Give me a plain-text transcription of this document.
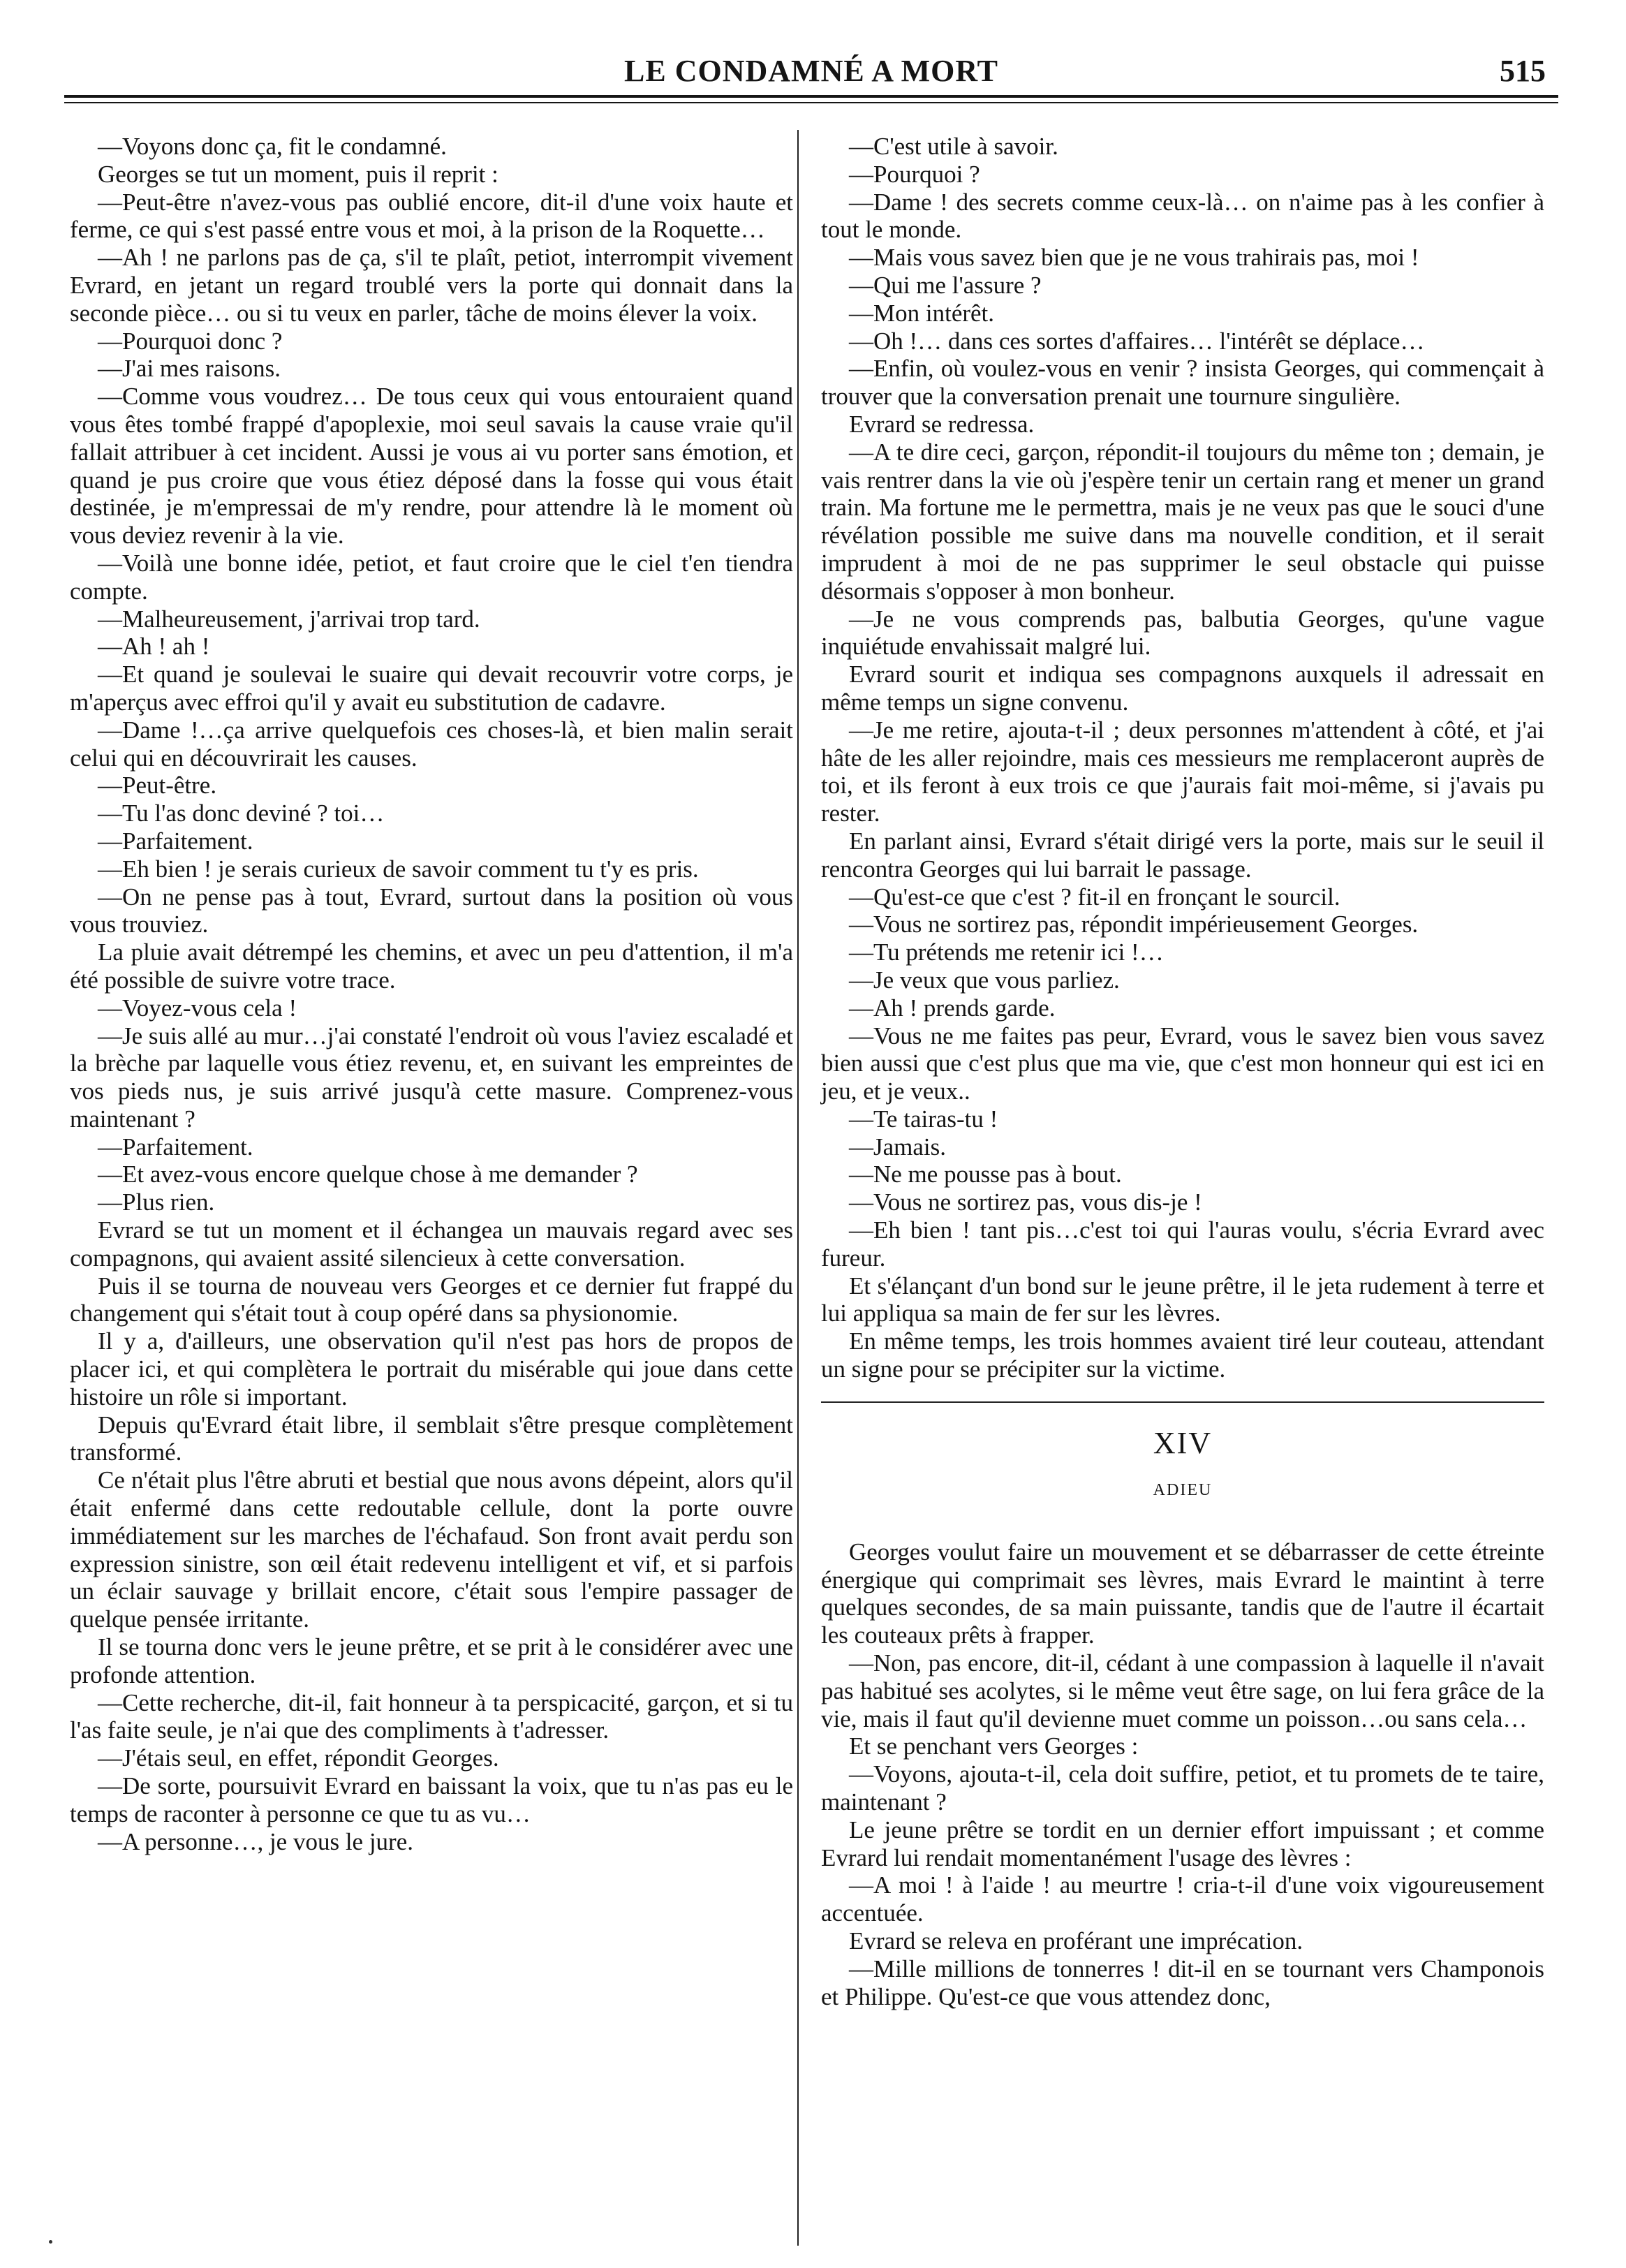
LE CONDAMNÉ A MORT	515

—Voyons donc ça, fit le condamné.

Georges se tut un moment, puis il reprit :

—Peut-être n'avez-vous pas oublié encore, dit-il d'une voix haute et ferme, ce qui s'est passé entre vous et moi, à la prison de la Roquette…

—Ah ! ne parlons pas de ça, s'il te plaît, petiot, interrompit vivement Evrard, en jetant un regard troublé vers la porte qui donnait dans la seconde pièce… ou si tu veux en parler, tâche de moins élever la voix.

—Pourquoi donc ?

—J'ai mes raisons.

—Comme vous voudrez… De tous ceux qui vous entouraient quand vous êtes tombé frappé d'apoplexie, moi seul savais la cause vraie qu'il fallait attribuer à cet incident. Aussi je vous ai vu porter sans émotion, et quand je pus croire que vous étiez déposé dans la fosse qui vous était destinée, je m'empressai de m'y rendre, pour attendre là le moment où vous deviez revenir à la vie.

—Voilà une bonne idée, petiot, et faut croire que le ciel t'en tiendra compte.

—Malheureusement, j'arrivai trop tard.

—Ah ! ah !

—Et quand je soulevai le suaire qui devait recouvrir votre corps, je m'aperçus avec effroi qu'il y avait eu substitution de cadavre.

—Dame !…ça arrive quelquefois ces choses-là, et bien malin serait celui qui en découvrirait les causes.

—Peut-être.

—Tu l'as donc deviné ? toi…

—Parfaitement.

—Eh bien ! je serais curieux de savoir comment tu t'y es pris.

—On ne pense pas à tout, Evrard, surtout dans la position où vous vous trouviez.

La pluie avait détrempé les chemins, et avec un peu d'attention, il m'a été possible de suivre votre trace.

—Voyez-vous cela !

—Je suis allé au mur…j'ai constaté l'endroit où vous l'aviez escaladé et la brèche par laquelle vous étiez revenu, et, en suivant les empreintes de vos pieds nus, je suis arrivé jusqu'à cette masure. Comprenez-vous maintenant ?

—Parfaitement.

—Et avez-vous encore quelque chose à me demander ?

—Plus rien.

Evrard se tut un moment et il échangea un mauvais regard avec ses compagnons, qui avaient assité silencieux à cette conversation.

Puis il se tourna de nouveau vers Georges et ce dernier fut frappé du changement qui s'était tout à coup opéré dans sa physionomie.

Il y a, d'ailleurs, une observation qu'il n'est pas hors de propos de placer ici, et qui complètera le portrait du misérable qui joue dans cette histoire un rôle si important.

Depuis qu'Evrard était libre, il semblait s'être presque complètement transformé.

Ce n'était plus l'être abruti et bestial que nous avons dépeint, alors qu'il était enfermé dans cette redoutable cellule, dont la porte ouvre immédiatement sur les marches de l'échafaud. Son front avait perdu son expression sinistre, son œil était redevenu intelligent et vif, et si parfois un éclair sauvage y brillait encore, c'était sous l'empire passager de quelque pensée irritante.

Il se tourna donc vers le jeune prêtre, et se prit à le considérer avec une profonde attention.

—Cette recherche, dit-il, fait honneur à ta perspicacité, garçon, et si tu l'as faite seule, je n'ai que des compliments à t'adresser.

—J'étais seul, en effet, répondit Georges.

—De sorte, poursuivit Evrard en baissant la voix, que tu n'as pas eu le temps de raconter à personne ce que tu as vu…

—A personne…, je vous le jure.

—C'est utile à savoir.

—Pourquoi ?

—Dame ! des secrets comme ceux-là… on n'aime pas à les confier à tout le monde.

—Mais vous savez bien que je ne vous trahirais pas, moi !

—Qui me l'assure ?

—Mon intérêt.

—Oh !… dans ces sortes d'affaires… l'intérêt se déplace…

—Enfin, où voulez-vous en venir ? insista Georges, qui commençait à trouver que la conversation prenait une tournure singulière.

Evrard se redressa.

—A te dire ceci, garçon, répondit-il toujours du même ton ; demain, je vais rentrer dans la vie où j'espère tenir un certain rang et mener un grand train. Ma fortune me le permettra, mais je ne veux pas que le souci d'une révélation possible me suive dans ma nouvelle condition, et il serait imprudent à moi de ne pas supprimer le seul obstacle qui puisse désormais s'opposer à mon bonheur.

—Je ne vous comprends pas, balbutia Georges, qu'une vague inquiétude envahissait malgré lui.

Evrard sourit et indiqua ses compagnons auxquels il adressait en même temps un signe convenu.

—Je me retire, ajouta-t-il ; deux personnes m'attendent à côté, et j'ai hâte de les aller rejoindre, mais ces messieurs me remplaceront auprès de toi, et ils feront à eux trois ce que j'aurais fait moi-même, si j'avais pu rester.

En parlant ainsi, Evrard s'était dirigé vers la porte, mais sur le seuil il rencontra Georges qui lui barrait le passage.

—Qu'est-ce que c'est ? fit-il en fronçant le sourcil.

—Vous ne sortirez pas, répondit impérieusement Georges.

—Tu prétends me retenir ici !…

—Je veux que vous parliez.

—Ah ! prends garde.

—Vous ne me faites pas peur, Evrard, vous le savez bien vous savez bien aussi que c'est plus que ma vie, que c'est mon honneur qui est ici en jeu, et je veux..

—Te tairas-tu !

—Jamais.

—Ne me pousse pas à bout.

—Vous ne sortirez pas, vous dis-je !

—Eh bien ! tant pis…c'est toi qui l'auras voulu, s'écria Evrard avec fureur.

Et s'élançant d'un bond sur le jeune prêtre, il le jeta rudement à terre et lui appliqua sa main de fer sur les lèvres.

En même temps, les trois hommes avaient tiré leur couteau, attendant un signe pour se précipiter sur la victime.

XIV
ADIEU

Georges voulut faire un mouvement et se débarrasser de cette étreinte énergique qui comprimait ses lèvres, mais Evrard le maintint à terre quelques secondes, de sa main puissante, tandis que de l'autre il écartait les couteaux prêts à frapper.

—Non, pas encore, dit-il, cédant à une compassion à laquelle il n'avait pas habitué ses acolytes, si le même veut être sage, on lui fera grâce de la vie, mais il faut qu'il devienne muet comme un poisson…ou sans cela…

Et se penchant vers Georges :

—Voyons, ajouta-t-il, cela doit suffire, petiot, et tu promets de te taire, maintenant ?

Le jeune prêtre se tordit en un dernier effort impuissant ; et comme Evrard lui rendait momentanément l'usage des lèvres :

—A moi ! à l'aide ! au meurtre ! cria-t-il d'une voix vigoureusement accentuée.

Evrard se releva en proférant une imprécation.

—Mille millions de tonnerres ! dit-il en se tournant vers Champonois et Philippe. Qu'est-ce que vous attendez donc,
